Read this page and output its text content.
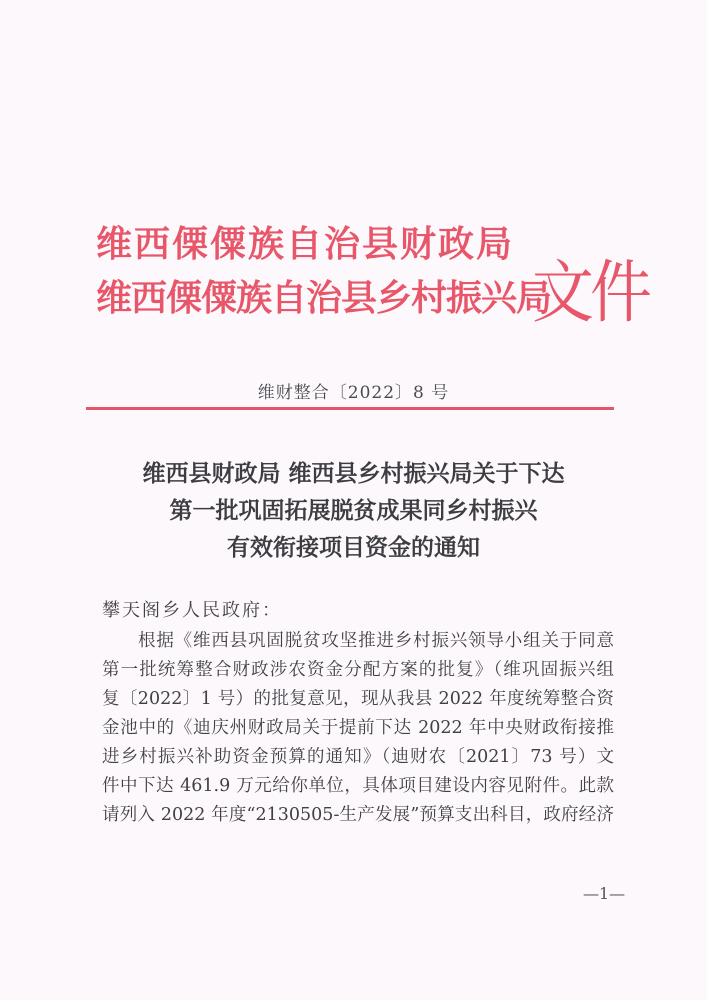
维西傈僳族自治县财政局
维西傈僳族自治县乡村振兴局
文件
维财整合〔2022〕8 号
维西县财政局 维西县乡村振兴局关于下达
第一批巩固拓展脱贫成果同乡村振兴
有效衔接项目资金的通知
攀天阁乡人民政府：
根据《维西县巩固脱贫攻坚推进乡村振兴领导小组关于同意
第一批统筹整合财政涉农资金分配方案的批复》（维巩固振兴组
复〔2022〕1 号）的批复意见，现从我县 2022 年度统筹整合资
金池中的《迪庆州财政局关于提前下达 2022 年中央财政衔接推
进乡村振兴补助资金预算的通知》（迪财农〔2021〕73 号）文
件中下达 461.9 万元给你单位，具体项目建设内容见附件。此款
请列入 2022 年度“2130505-生产发展”预算支出科目，政府经济
—1—
